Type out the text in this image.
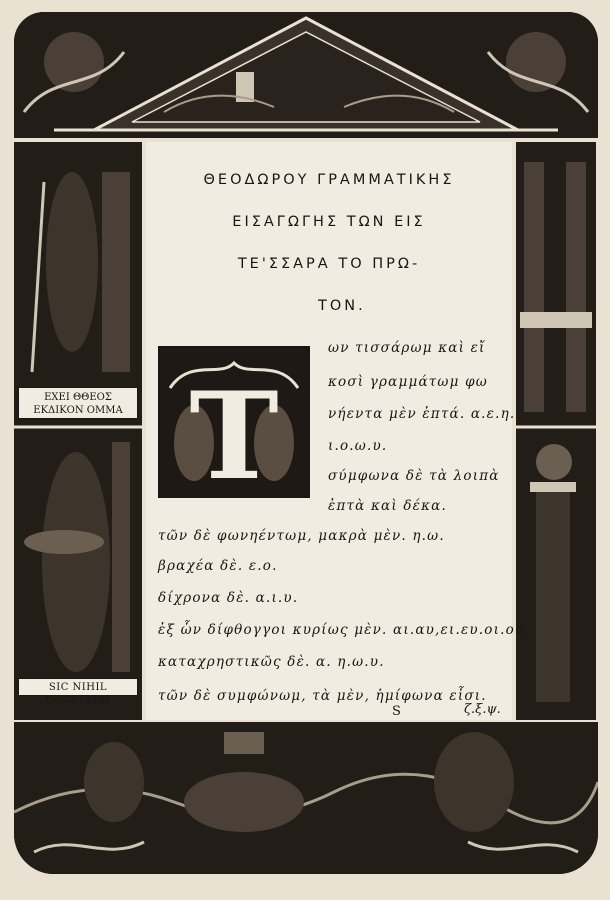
ΕΧΕΙ ΘΘΕΟΣ ΕΚΔΙΚΟΝ ΟΜΜΑ
SIC NIHIL OCCVLTVM
ΘΕΟΔΩΡΟΥ ΓΡΑΜΜΑΤΙΚΗΣ
ΕΙΣΑΓΩΓΗΣ ΤΩΝ ΕΙΣ
ΤΕ'ΣΣΑΡΑ ΤΟ ΠΡΩ-
ΤΟΝ.
T
ων τισσάρωμ καὶ εἴ
κοσὶ γραμμάτωμ φω
νήεντα μὲν ἑπτά. α.ε.η.
ι.ο.ω.υ.
σύμφωνα δὲ τὰ λοιπὰ
ἑπτὰ καὶ δέκα.
τῶν δὲ φωνηέντωμ, μακρὰ μὲν. η.ω.
βραχέα δὲ. ε.ο.
δίχρονα δὲ. α.ι.υ.
ἐξ ὧν δίφθογγοι κυρίως μὲν. αι.αυ,ει.ευ.οι.ου.
καταχρηστικῶς δὲ. α. η.ω.υ.
τῶν δὲ συμφώνωμ, τὰ μὲν, ἡμίφωνα εἶσι.
S	ζ.ξ.ψ.
